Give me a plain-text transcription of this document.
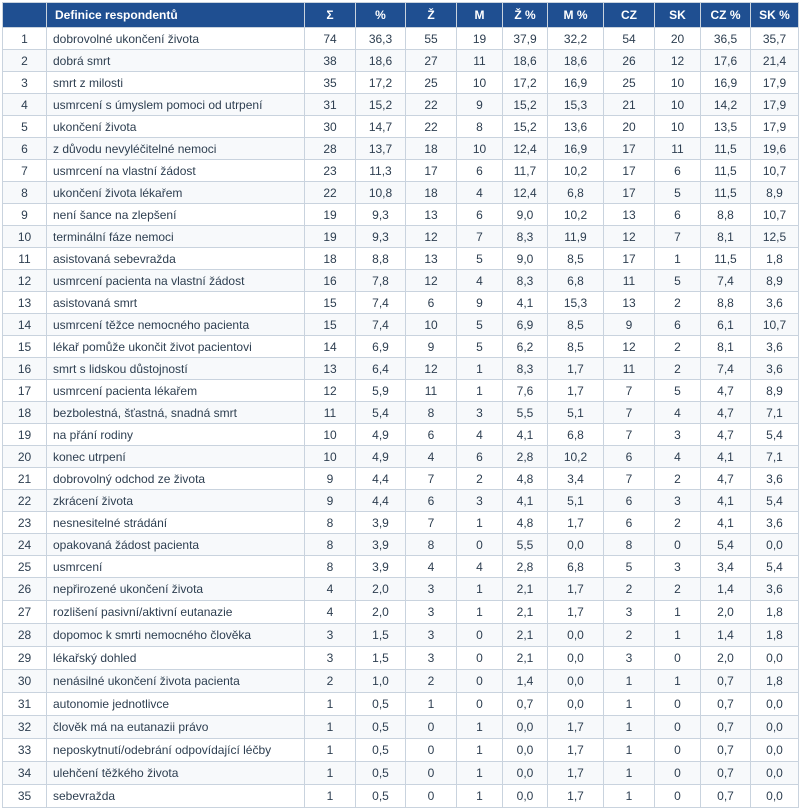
	Definice respondentů	Σ	%	Ž	M	Ž %	M %	CZ	SK	CZ %	SK %
1	dobrovolné ukončení života	74	36,3	55	19	37,9	32,2	54	20	36,5	35,7
2	dobrá smrt	38	18,6	27	11	18,6	18,6	26	12	17,6	21,4
3	smrt z milosti	35	17,2	25	10	17,2	16,9	25	10	16,9	17,9
4	usmrcení s úmyslem pomoci od utrpení	31	15,2	22	9	15,2	15,3	21	10	14,2	17,9
5	ukončení života	30	14,7	22	8	15,2	13,6	20	10	13,5	17,9
6	z důvodu nevyléčitelné nemoci	28	13,7	18	10	12,4	16,9	17	11	11,5	19,6
7	usmrcení na vlastní žádost	23	11,3	17	6	11,7	10,2	17	6	11,5	10,7
8	ukončení života lékařem	22	10,8	18	4	12,4	6,8	17	5	11,5	8,9
9	není šance na zlepšení	19	9,3	13	6	9,0	10,2	13	6	8,8	10,7
10	terminální fáze nemoci	19	9,3	12	7	8,3	11,9	12	7	8,1	12,5
11	asistovaná sebevražda	18	8,8	13	5	9,0	8,5	17	1	11,5	1,8
12	usmrcení pacienta na vlastní žádost	16	7,8	12	4	8,3	6,8	11	5	7,4	8,9
13	asistovaná smrt	15	7,4	6	9	4,1	15,3	13	2	8,8	3,6
14	usmrcení těžce nemocného pacienta	15	7,4	10	5	6,9	8,5	9	6	6,1	10,7
15	lékař pomůže ukončit život pacientovi	14	6,9	9	5	6,2	8,5	12	2	8,1	3,6
16	smrt s lidskou důstojností	13	6,4	12	1	8,3	1,7	11	2	7,4	3,6
17	usmrcení pacienta lékařem	12	5,9	11	1	7,6	1,7	7	5	4,7	8,9
18	bezbolestná, šťastná, snadná smrt	11	5,4	8	3	5,5	5,1	7	4	4,7	7,1
19	na přání rodiny	10	4,9	6	4	4,1	6,8	7	3	4,7	5,4
20	konec utrpení	10	4,9	4	6	2,8	10,2	6	4	4,1	7,1
21	dobrovolný odchod ze života	9	4,4	7	2	4,8	3,4	7	2	4,7	3,6
22	zkrácení života	9	4,4	6	3	4,1	5,1	6	3	4,1	5,4
23	nesnesitelné strádání	8	3,9	7	1	4,8	1,7	6	2	4,1	3,6
24	opakovaná žádost pacienta	8	3,9	8	0	5,5	0,0	8	0	5,4	0,0
25	usmrcení	8	3,9	4	4	2,8	6,8	5	3	3,4	5,4
26	nepřirozené ukončení života	4	2,0	3	1	2,1	1,7	2	2	1,4	3,6
27	rozlišení pasivní/aktivní eutanazie	4	2,0	3	1	2,1	1,7	3	1	2,0	1,8
28	dopomoc k smrti nemocného člověka	3	1,5	3	0	2,1	0,0	2	1	1,4	1,8
29	lékařský dohled	3	1,5	3	0	2,1	0,0	3	0	2,0	0,0
30	nenásilné ukončení života pacienta	2	1,0	2	0	1,4	0,0	1	1	0,7	1,8
31	autonomie jednotlivce	1	0,5	1	0	0,7	0,0	1	0	0,7	0,0
32	člověk má na eutanazii právo	1	0,5	0	1	0,0	1,7	1	0	0,7	0,0
33	neposkytnutí/odebrání odpovídající léčby	1	0,5	0	1	0,0	1,7	1	0	0,7	0,0
34	ulehčení těžkého života	1	0,5	0	1	0,0	1,7	1	0	0,7	0,0
35	sebevražda	1	0,5	0	1	0,0	1,7	1	0	0,7	0,0
